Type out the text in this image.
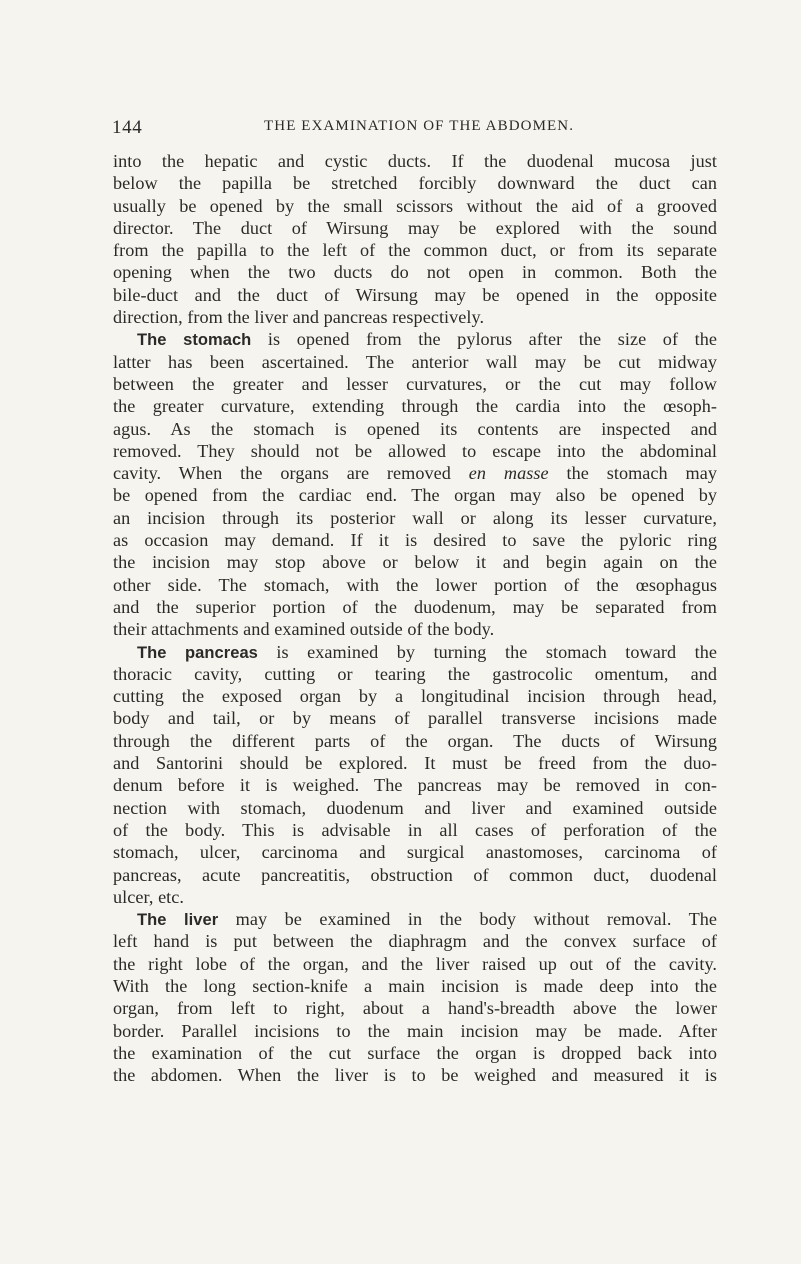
144	THE EXAMINATION OF THE ABDOMEN.
into the hepatic and cystic ducts. If the duodenal mucosa just
below the papilla be stretched forcibly downward the duct can
usually be opened by the small scissors without the aid of a grooved
director. The duct of Wirsung may be explored with the sound
from the papilla to the left of the common duct, or from its separate
opening when the two ducts do not open in common. Both the
bile-duct and the duct of Wirsung may be opened in the opposite
direction, from the liver and pancreas respectively.
The stomach is opened from the pylorus after the size of the
latter has been ascertained. The anterior wall may be cut midway
between the greater and lesser curvatures, or the cut may follow
the greater curvature, extending through the cardia into the œsoph-
agus. As the stomach is opened its contents are inspected and
removed. They should not be allowed to escape into the abdominal
cavity. When the organs are removed en masse the stomach may
be opened from the cardiac end. The organ may also be opened by
an incision through its posterior wall or along its lesser curvature,
as occasion may demand. If it is desired to save the pyloric ring
the incision may stop above or below it and begin again on the
other side. The stomach, with the lower portion of the œsophagus
and the superior portion of the duodenum, may be separated from
their attachments and examined outside of the body.
The pancreas is examined by turning the stomach toward the
thoracic cavity, cutting or tearing the gastrocolic omentum, and
cutting the exposed organ by a longitudinal incision through head,
body and tail, or by means of parallel transverse incisions made
through the different parts of the organ. The ducts of Wirsung
and Santorini should be explored. It must be freed from the duo-
denum before it is weighed. The pancreas may be removed in con-
nection with stomach, duodenum and liver and examined outside
of the body. This is advisable in all cases of perforation of the
stomach, ulcer, carcinoma and surgical anastomoses, carcinoma of
pancreas, acute pancreatitis, obstruction of common duct, duodenal
ulcer, etc.
The liver may be examined in the body without removal. The
left hand is put between the diaphragm and the convex surface of
the right lobe of the organ, and the liver raised up out of the cavity.
With the long section-knife a main incision is made deep into the
organ, from left to right, about a hand's-breadth above the lower
border. Parallel incisions to the main incision may be made. After
the examination of the cut surface the organ is dropped back into
the abdomen. When the liver is to be weighed and measured it is
